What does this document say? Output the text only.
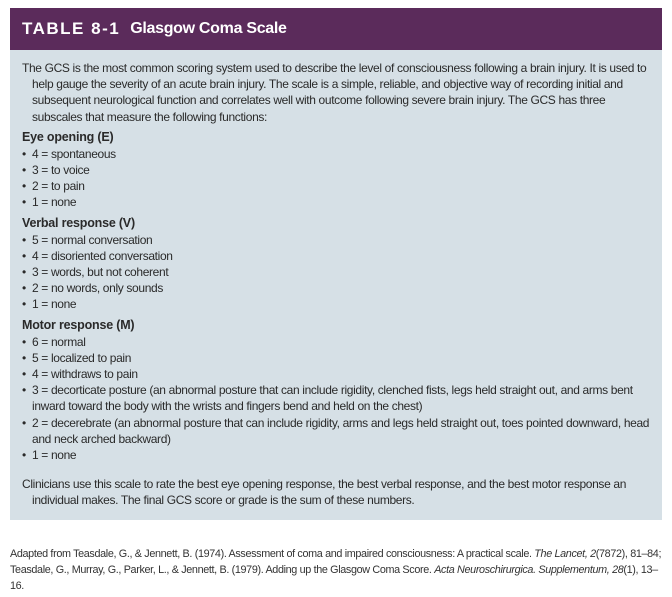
TABLE 8-1 Glasgow Coma Scale
The GCS is the most common scoring system used to describe the level of consciousness following a brain injury. It is used to help gauge the severity of an acute brain injury. The scale is a simple, reliable, and objective way of recording initial and subsequent neurological function and correlates well with outcome following severe brain injury. The GCS has three subscales that measure the following functions:
Eye opening (E)
• 4 = spontaneous
• 3 = to voice
• 2 = to pain
• 1 = none
Verbal response (V)
• 5 = normal conversation
• 4 = disoriented conversation
• 3 = words, but not coherent
• 2 = no words, only sounds
• 1 = none
Motor response (M)
• 6 = normal
• 5 = localized to pain
• 4 = withdraws to pain
• 3 = decorticate posture (an abnormal posture that can include rigidity, clenched fists, legs held straight out, and arms bent inward toward the body with the wrists and fingers bend and held on the chest)
• 2 = decerebrate (an abnormal posture that can include rigidity, arms and legs held straight out, toes pointed downward, head and neck arched backward)
• 1 = none
Clinicians use this scale to rate the best eye opening response, the best verbal response, and the best motor response an individual makes. The final GCS score or grade is the sum of these numbers.
Adapted from Teasdale, G., & Jennett, B. (1974). Assessment of coma and impaired consciousness: A practical scale. The Lancet, 2(7872), 81–84; Teasdale, G., Murray, G., Parker, L., & Jennett, B. (1979). Adding up the Glasgow Coma Score. Acta Neuroschirurgica. Supplementum, 28(1), 13–16.
